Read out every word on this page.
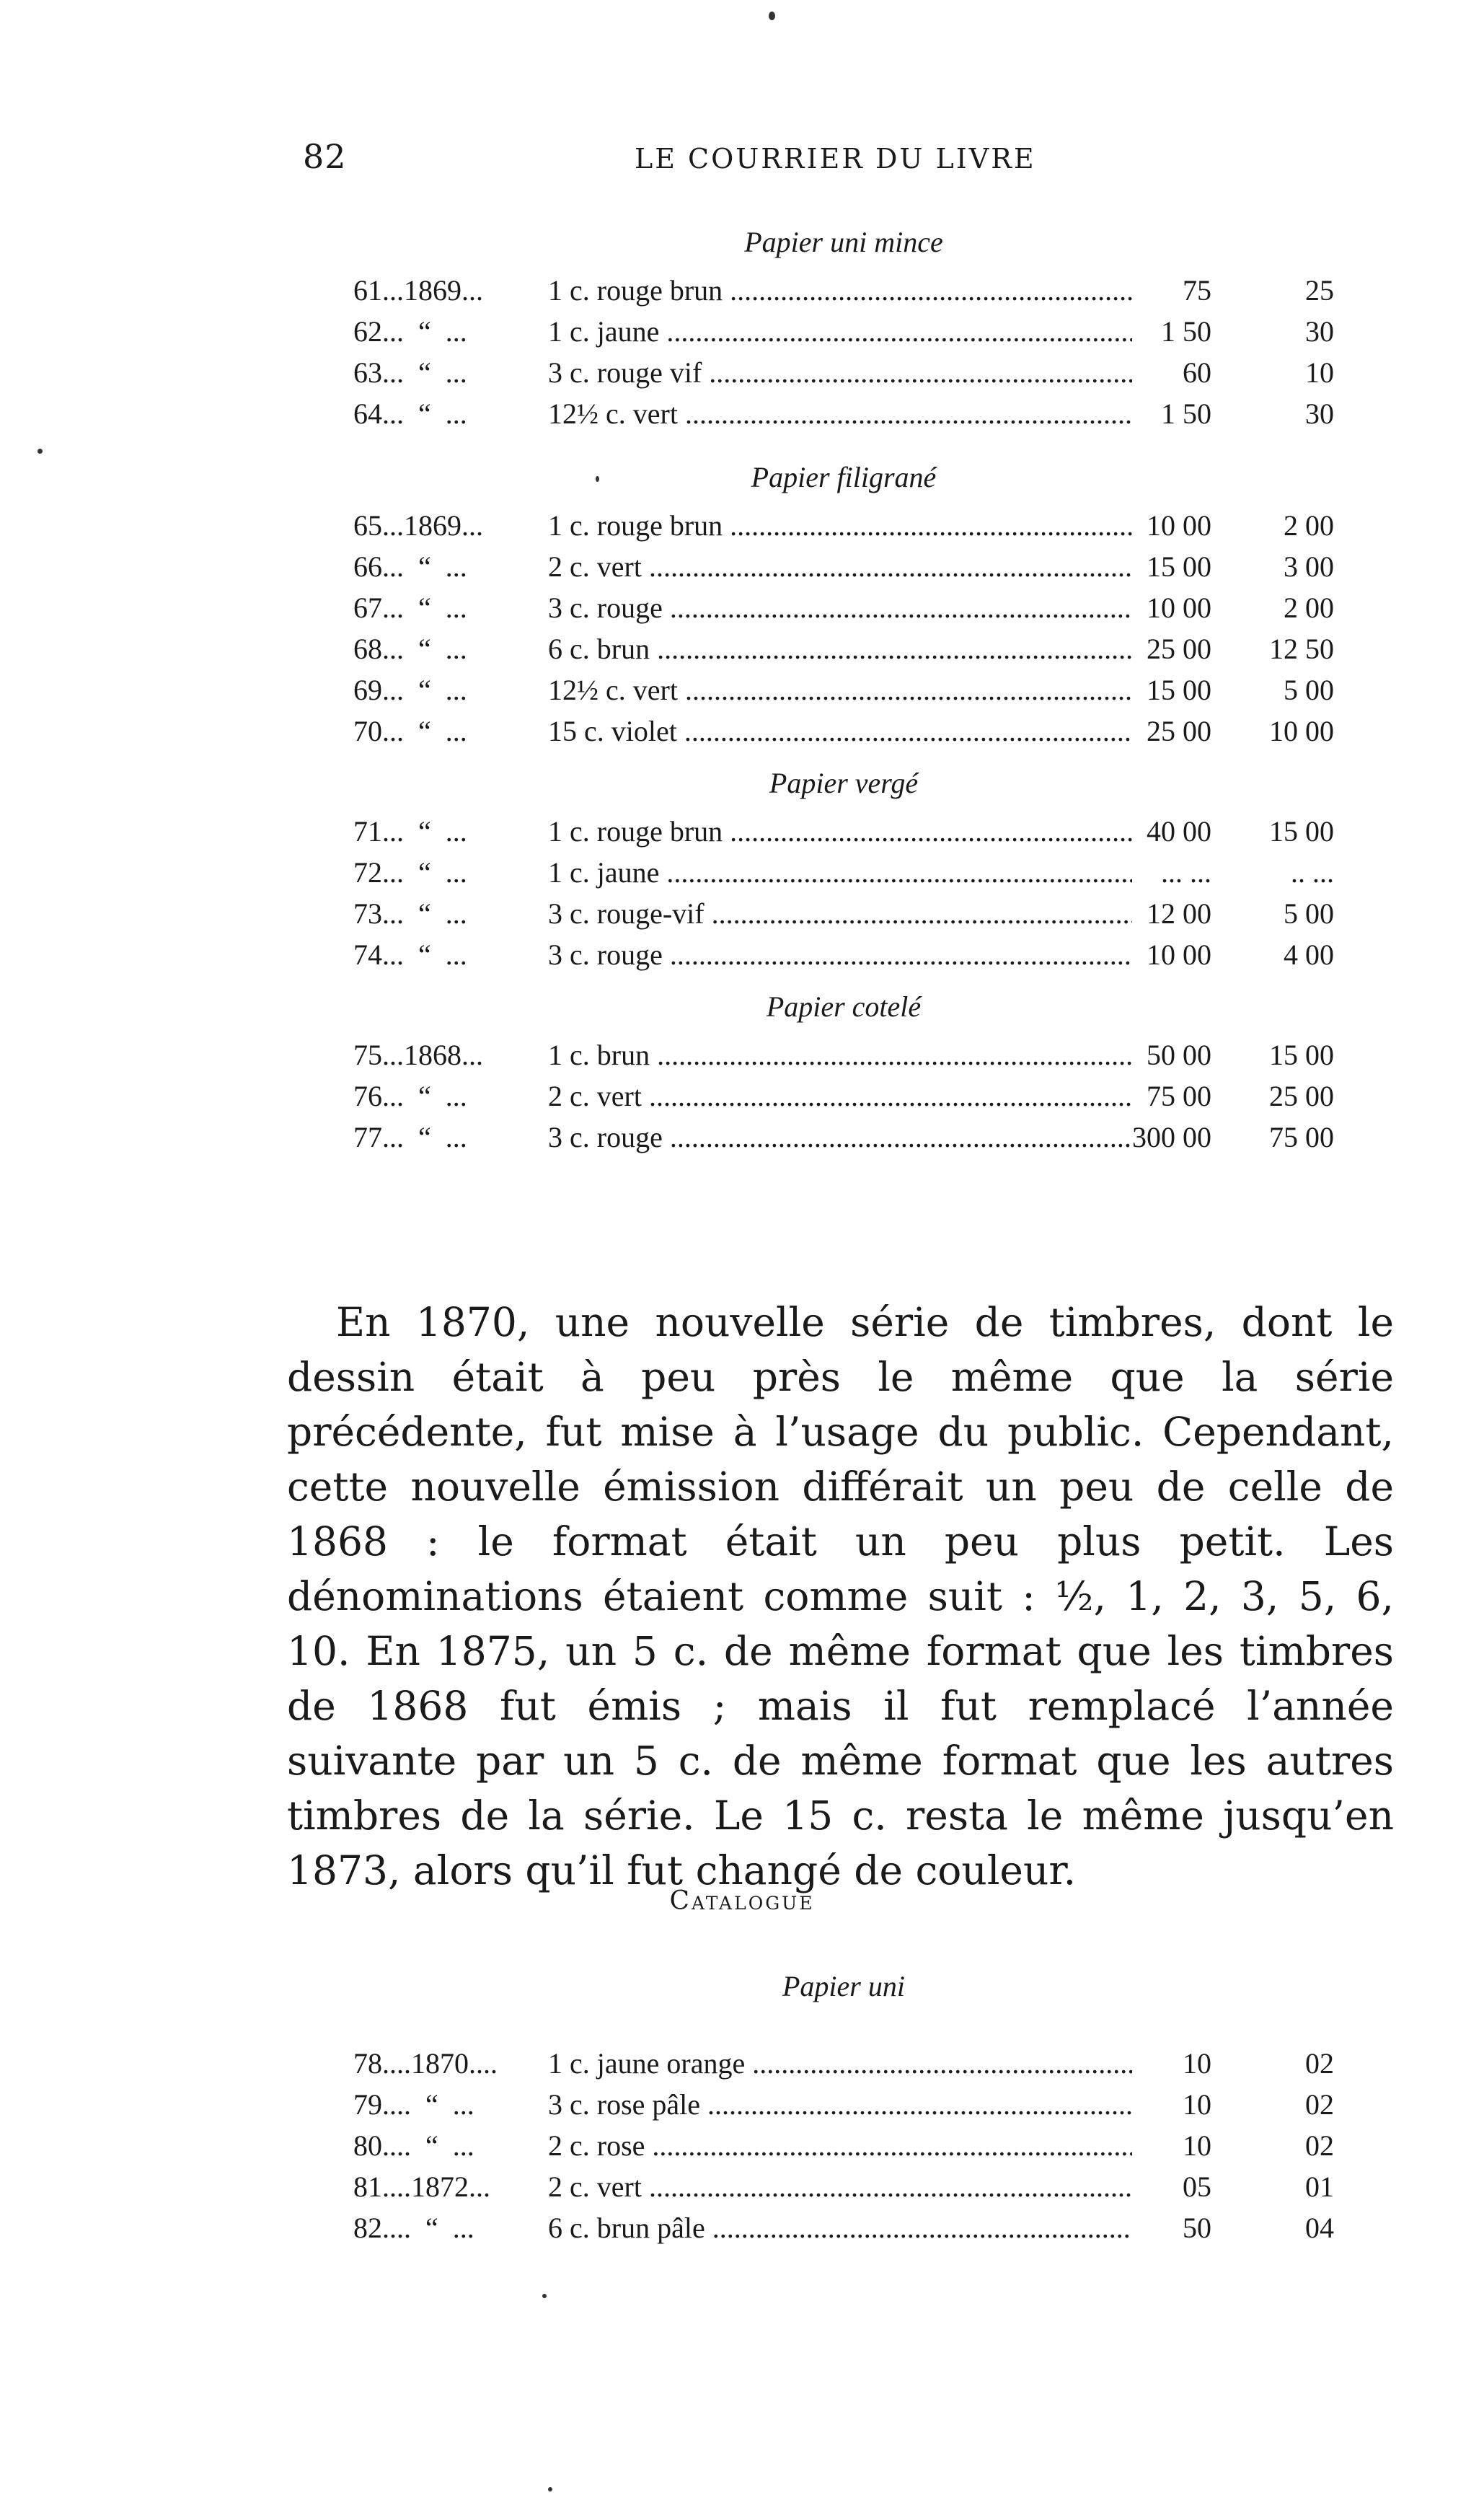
82	LE COURRIER DU LIVRE
Papier uni mince
61...1869... 1 c. rouge brun .....	75	25
62...  “  ...	1 c. jaune .....	1 50	30
63...  “  ...	3 c. rouge vif .....	60	10
64...  “  ...	12½ c. vert .....	1 50	30
Papier filigrané
65...1869... 1 c. rouge brun .....	10 00	2 00
66...  “  ...	2 c. vert .....	15 00	3 00
67...  “  ...	3 c. rouge .....	10 00	2 00
68...  “  ...	6 c. brun .....	25 00	12 50
69...  “  ...	12½ c. vert .....	15 00	5 00
70...  “  ...	15 c. violet .....	25 00	10 00
Papier vergé
71...  “  ...	1 c. rouge brun .....	40 00	15 00
72...  “  ...	1 c. jaune .....	... ...	.. ...
73...  “  ...	3 c. rouge-vif .....	12 00	5 00
74...  “  ...	3 c. rouge .....	10 00	4 00
Papier cotelé
75...1868... 1 c. brun .....	50 00	15 00
76...  “  ...	2 c. vert .....	75 00	25 00
77...  “  ...	3 c. rouge .....	300 00	75 00

En 1870, une nouvelle série de timbres, dont le dessin était à peu près le même que la série précédente, fut mise à l’usage du public. Cependant, cette nouvelle émission différait un peu de celle de 1868 : le format était un peu plus petit. Les dénominations étaient comme suit : ½, 1, 2, 3, 5, 6, 10. En 1875, un 5 c. de même format que les timbres de 1868 fut émis ; mais il fut remplacé l’année suivante par un 5 c. de même format que les autres timbres de la série. Le 15 c. resta le même jusqu’en 1873, alors qu’il fut changé de couleur.

Catalogue
Papier uni
78....1870.... 1 c. jaune orange .....	10	02
79....  “  ...	3 c. rose pâle .....	10	02
80....  “  ...	2 c. rose .....	10	02
81....1872... 2 c. vert .....	05	01
82....  “  ...	6 c. brun pâle .....	50	04
